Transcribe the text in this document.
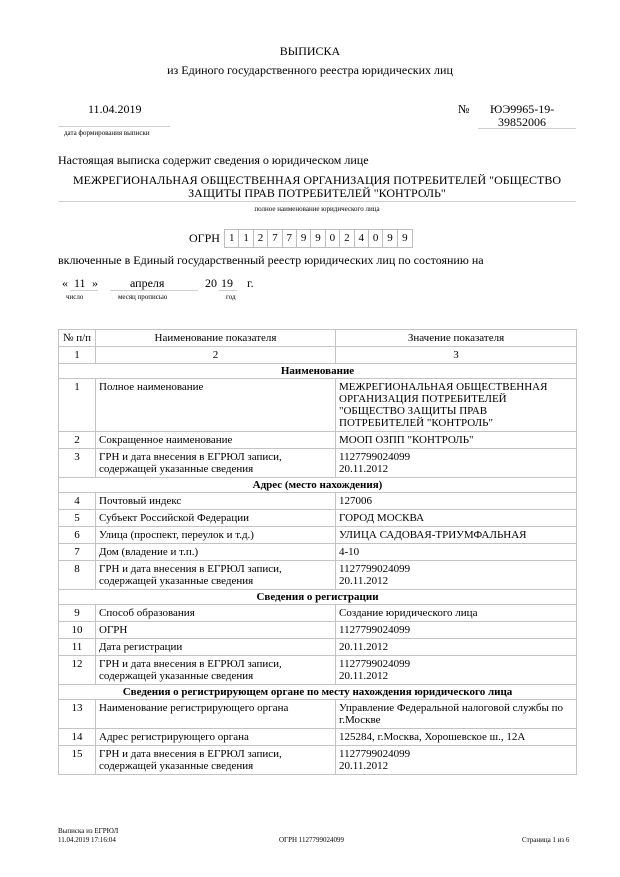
ВЫПИСКА
из Единого государственного реестра юридических лиц
11.04.2019
дата формирования выписки
№ ЮЭ9965-19-
39852006
Настоящая выписка содержит сведения о юридическом лице
МЕЖРЕГИОНАЛЬНАЯ ОБЩЕСТВЕННАЯ ОРГАНИЗАЦИЯ ПОТРЕБИТЕЛЕЙ "ОБЩЕСТВО
ЗАЩИТЫ ПРАВ ПОТРЕБИТЕЛЕЙ "КОНТРОЛЬ"
полное наименование юридического лица
ОГРН 1 1 2 7 7 9 9 0 2 4 0 9 9
включенные в Единый государственный реестр юридических лиц по состоянию на
« 11 »	апреля	20 19 г.
число	месяц прописью	год
№ п/п	Наименование показателя	Значение показателя
1	2	3
Наименование		
1	Полное наименование	МЕЖРЕГИОНАЛЬНАЯ ОБЩЕСТВЕННАЯ ОРГАНИЗАЦИЯ ПОТРЕБИТЕЛЕЙ "ОБЩЕСТВО ЗАЩИТЫ ПРАВ ПОТРЕБИТЕЛЕЙ "КОНТРОЛЬ"

2	Сокращенное наименование	МООП ОЗПП "КОНТРОЛЬ"

3	ГРН и дата внесения в ЕГРЮЛ записи, содержащей указанные сведения	1127799024099
20.11.2012

Адрес (место нахождения)		
4	Почтовый индекс	127006

5	Субъект Российской Федерации	ГОРОД МОСКВА

6	Улица (проспект, переулок и т.д.)	УЛИЦА САДОВАЯ-ТРИУМФАЛЬНАЯ

7	Дом (владение и т.п.)	4-10

8	ГРН и дата внесения в ЕГРЮЛ записи, содержащей указанные сведения	1127799024099
20.11.2012

Сведения о регистрации		
9	Способ образования	Создание юридического лица

10	ОГРН	1127799024099

11	Дата регистрации	20.11.2012

12	ГРН и дата внесения в ЕГРЮЛ записи, содержащей указанные сведения	1127799024099
20.11.2012

Сведения о регистрирующем органе по месту нахождения юридического лица		
13	Наименование регистрирующего органа	Управление Федеральной налоговой службы по г.Москве

14	Адрес регистрирующего органа	125284, г.Москва, Хорошевское ш., 12А

15	ГРН и дата внесения в ЕГРЮЛ записи, содержащей указанные сведения	1127799024099
20.11.2012
Выписка из ЕГРЮЛ
11.04.2019 17:16:04	ОГРН 1127799024099	Страница 1 из 6
